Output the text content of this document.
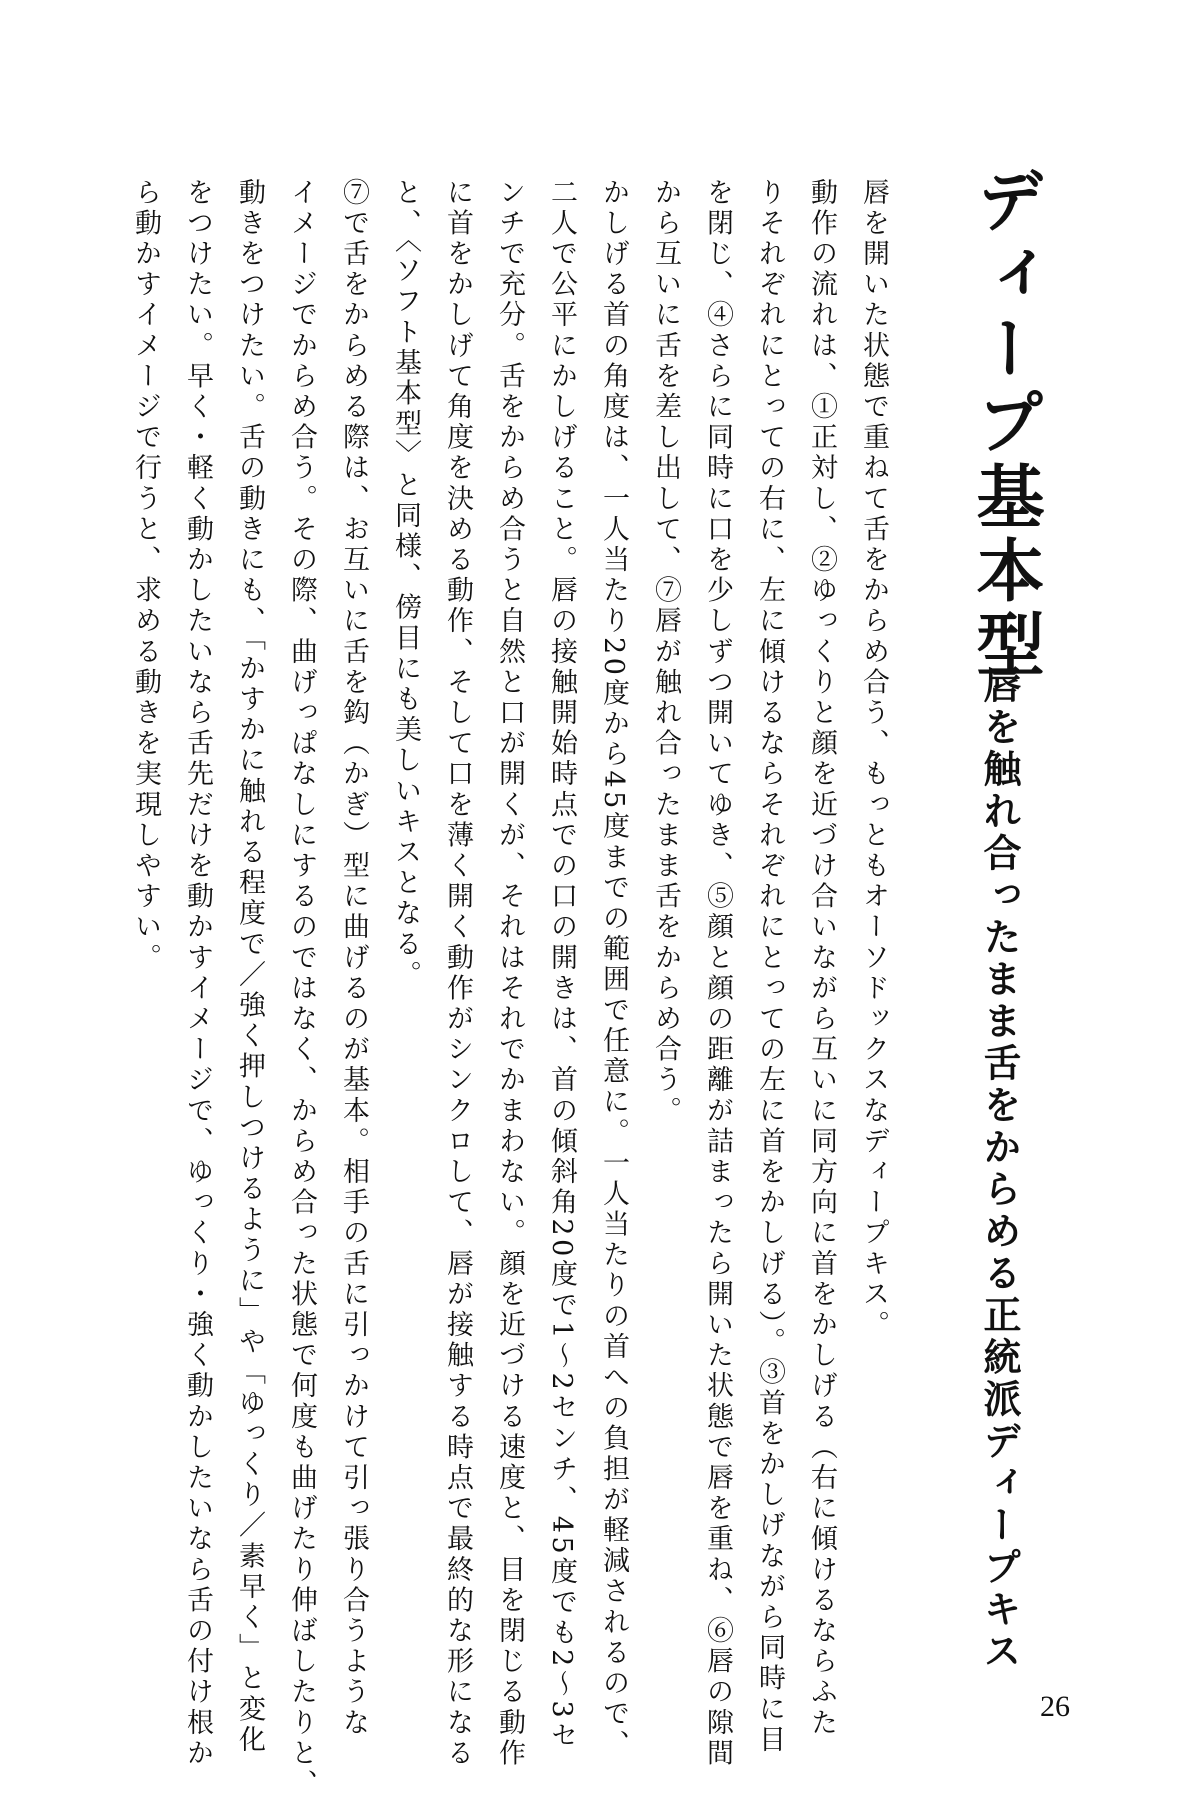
ディープ基本型
唇を触れ合ったまま舌をからめる正統派ディープキス
唇を開いた状態で重ねて舌をからめ合う、もっともオーソドックスなディープキス。
動作の流れは、①正対し、②ゆっくりと顔を近づけ合いながら互いに同方向に首をかしげる（右に傾けるならふた
りそれぞれにとっての右に、左に傾けるならそれぞれにとっての左に首をかしげる）。③首をかしげながら同時に目
を閉じ、④さらに同時に口を少しずつ開いてゆき、⑤顔と顔の距離が詰まったら開いた状態で唇を重ね、⑥唇の隙間
から互いに舌を差し出して、⑦唇が触れ合ったまま舌をからめ合う。
かしげる首の角度は、一人当たり20度から45度までの範囲で任意に。一人当たりの首への負担が軽減されるので、
二人で公平にかしげること。唇の接触開始時点での口の開きは、首の傾斜角20度で1～2センチ、45度でも2～3セ
ンチで充分。舌をからめ合うと自然と口が開くが、それはそれでかまわない。顔を近づける速度と、目を閉じる動作
に首をかしげて角度を決める動作、そして口を薄く開く動作がシンクロして、唇が接触する時点で最終的な形になる
と、〈ソフト基本型〉と同様、傍目にも美しいキスとなる。
⑦で舌をからめる際は、お互いに舌を鈎（かぎ）型に曲げるのが基本。相手の舌に引っかけて引っ張り合うような
イメージでからめ合う。その際、曲げっぱなしにするのではなく、からめ合った状態で何度も曲げたり伸ばしたりと、
動きをつけたい。舌の動きにも、「かすかに触れる程度で／強く押しつけるように」や「ゆっくり／素早く」と変化
をつけたい。早く・軽く動かしたいなら舌先だけを動かすイメージで、ゆっくり・強く動かしたいなら舌の付け根か
ら動かすイメージで行うと、求める動きを実現しやすい。
26
